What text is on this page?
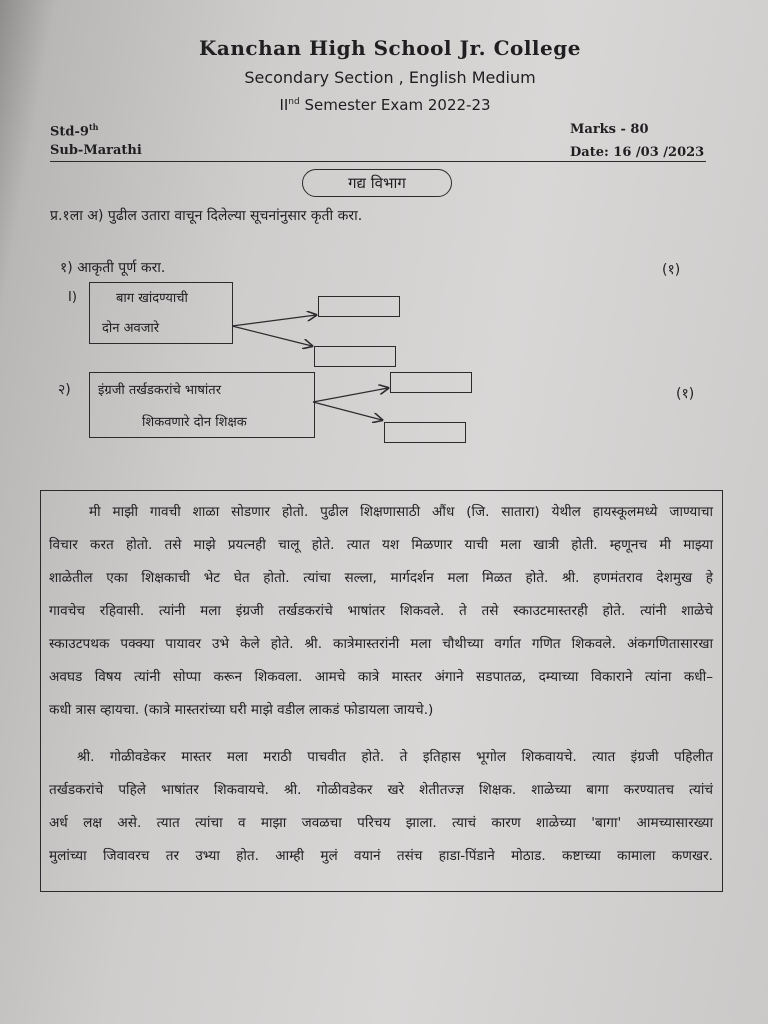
Kanchan High School Jr. College
Secondary Section , English Medium
IInd Semester Exam 2022-23
Std-9th
Sub-Marathi
Marks - 80
Date: 16 /03 /2023
गद्य विभाग
प्र.१ला अ) पुढील उतारा वाचून दिलेल्या सूचनांनुसार कृती करा.
१) आकृती पूर्ण करा.	(१)
I)	बाग खांदण्याची
दोन अवजारे
२) इंग्रजी तर्खडकरांचे भाषांतर
शिकवणारे दोन शिक्षक
(१)
मी माझी गावची शाळा सोडणार होतो. पुढील शिक्षणासाठी औंध (जि. सातारा) येथील हायस्कूलमध्ये जाण्याचा
विचार करत होतो. तसे माझे प्रयत्नही चालू होते. त्यात यश मिळणार याची मला खात्री होती. म्हणूनच मी माझ्या
शाळेतील एका शिक्षकाची भेट घेत होतो. त्यांचा सल्ला, मार्गदर्शन मला मिळत होते. श्री. हणमंतराव देशमुख हे
गावचेच रहिवासी. त्यांनी मला इंग्रजी तर्खडकरांचे भाषांतर शिकवले. ते तसे स्काउटमास्तरही होते. त्यांनी शाळेचे
स्काउटपथक पक्क्या पायावर उभे केले होते. श्री. कात्रेमास्तरांनी मला चौथीच्या वर्गात गणित शिकवले. अंकगणितासारखा
अवघड विषय त्यांनी सोप्पा करून शिकवला. आमचे कात्रे मास्तर अंगाने सडपातळ, दम्याच्या विकाराने त्यांना कधी–
कधी त्रास व्हायचा. (कात्रे मास्तरांच्या घरी माझे वडील लाकडं फोडायला जायचे.)
श्री. गोळीवडेकर मास्तर मला मराठी पाचवीत होते. ते इतिहास भूगोल शिकवायचे. त्यात इंग्रजी पहिलीत
तर्खडकरांचे पहिले भाषांतर शिकवायचे. श्री. गोळीवडेकर खरे शेतीतज्ज्ञ शिक्षक. शाळेच्या बागा करण्यातच त्यांचं
अर्ध लक्ष असे. त्यात त्यांचा व माझा जवळचा परिचय झाला. त्याचं कारण शाळेच्या 'बागा' आमच्यासारख्या
मुलांच्या जिवावरच तर उभ्या होत. आम्ही मुलं वयानं तसंच हाडा-पिंडाने मोठाड. कष्टाच्या कामाला कणखर.
